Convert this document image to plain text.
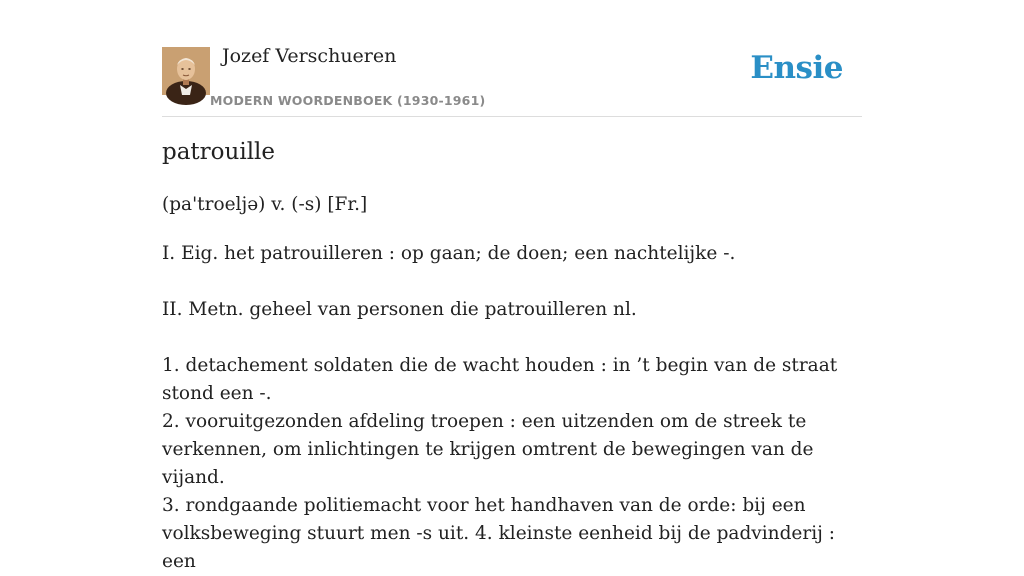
Jozef Verschueren
MODERN WOORDENBOEK (1930-1961)
Ensie
patrouille
(pa'troeljə) v. (-s) [Fr.]

I. Eig. het patrouilleren : op gaan; de doen; een nachtelijke -.

II. Metn. geheel van personen die patrouilleren nl.

1. detachement soldaten die de wacht houden : in ’t begin van de straat stond een -.

2. vooruitgezonden afdeling troepen : een uitzenden om de streek te verkennen, om inlichtingen te krijgen omtrent de bewegingen van de vijand.

3. rondgaande politiemacht voor het handhaven van de orde: bij een volksbeweging stuurt men -s uit. 4. kleinste eenheid bij de padvinderij : een
